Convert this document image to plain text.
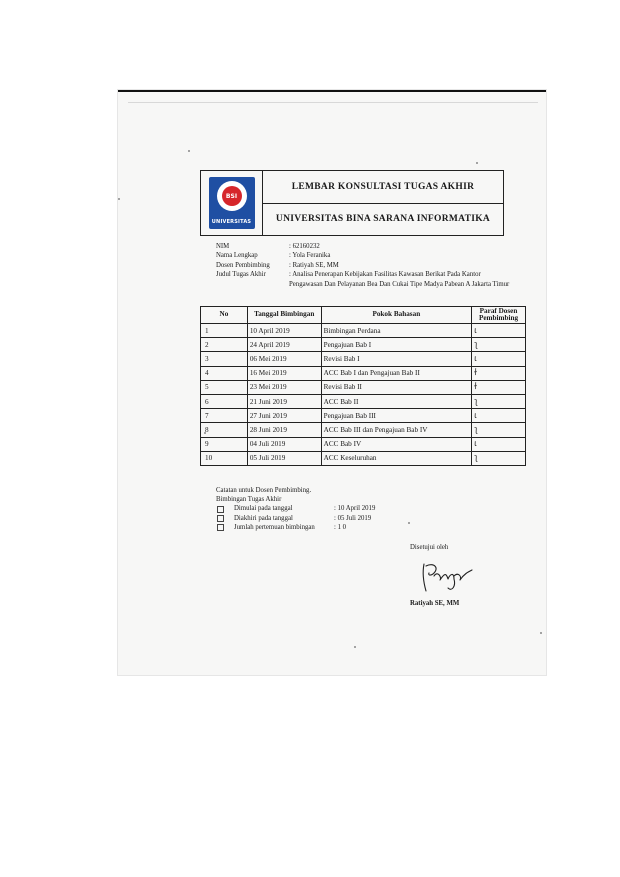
BSI
UNIVERSITAS
LEMBAR KONSULTASI TUGAS AKHIR
UNIVERSITAS BINA SARANA INFORMATIKA
NIM	: 62160232
Nama Lengkap	: Yola Feranika
Dosen Pembimbing	: Ratiyah SE, MM
Judul Tugas Akhir	: Analisa Penerapan Kebijakan Fasilitas Kawasan Berikat Pada Kantor Pengawasan Dan Pelayanan Bea Dan Cukai Tipe Madya Pabean A Jakarta Timur
No	Tanggal Bimbingan	Pokok Bahasan	Paraf Dosen Pembimbing
1	10 April 2019	Bimbingan Perdana	ɩ
2	24 April 2019	Pengajuan Bab I	ʅ
3	06 Mei 2019	Revisi Bab I	ɩ
4	16 Mei 2019	ACC Bab I dan Pengajuan Bab II	ɫ
5	23 Mei 2019	Revisi Bab II	ɫ
6	21 Juni 2019	ACC Bab II	ʅ
7	27 Juni 2019	Pengajuan Bab III	ɩ
8	28 Juni 2019	ACC Bab III dan Pengajuan Bab IV	ʅ
9	04 Juli 2019	ACC Bab IV	ɩ
10	05 Juli 2019	ACC Keseluruhan	ʅ
Catatan untuk Dosen Pembimbing.
Bimbingan Tugas Akhir
Dimulai pada tanggal	: 10 April 2019
Diakhiri pada tanggal	: 05 Juli 2019
Jumlah pertemuan bimbingan	: 1 0
Disetujui oleh
Ratiyah SE, MM
